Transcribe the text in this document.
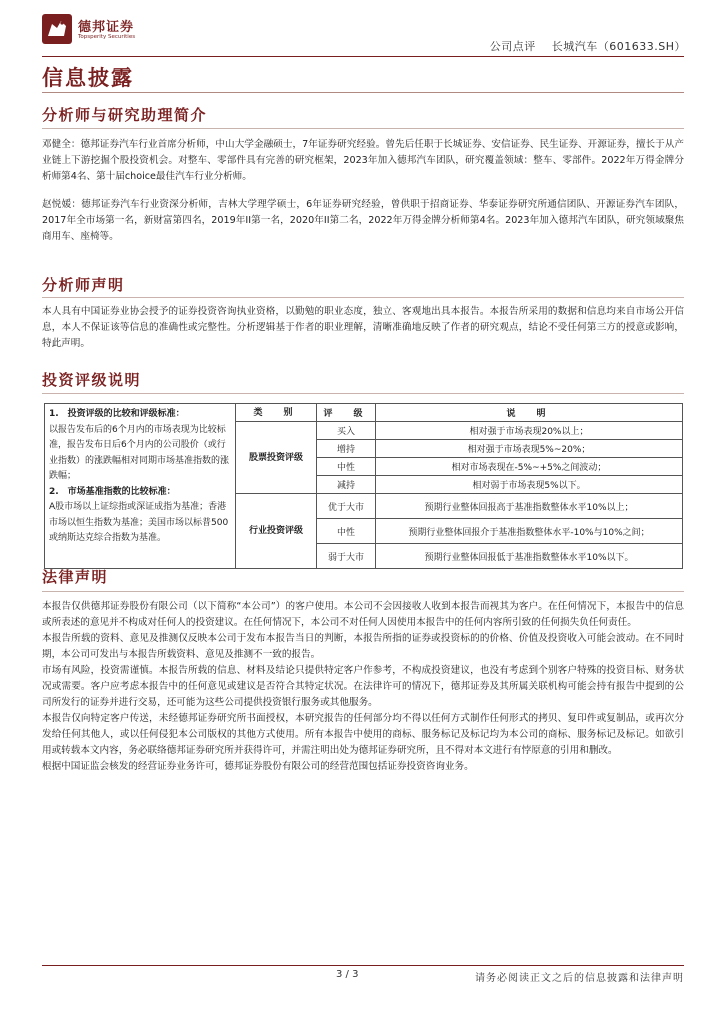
德邦证券
Topsperity Securities
公司点评 长城汽车（601633.SH）
信息披露
分析师与研究助理简介

邓健全：德邦证券汽车行业首席分析师，中山大学金融硕士，7年证券研究经验。曾先后任职于长城证券、安信证券、民生证券、开源证券，擅长于从产业链上下游挖掘个股投资机会。对整车、零部件具有完善的研究框架，2023年加入德邦汽车团队，研究覆盖领域：整车、零部件。2022年万得金牌分析师第4名、第十届choice最佳汽车行业分析师。

赵悦媛：德邦证券汽车行业资深分析师，吉林大学理学硕士，6年证券研究经验，曾供职于招商证券、华泰证券研究所通信团队、开源证券汽车团队，2017年全市场第一名，新财富第四名，2019年II第一名，2020年II第二名，2022年万得金牌分析师第4名。2023年加入德邦汽车团队，研究领域聚焦商用车、座椅等。

分析师声明

本人具有中国证券业协会授予的证券投资咨询执业资格，以勤勉的职业态度，独立、客观地出具本报告。本报告所采用的数据和信息均来自市场公开信息，本人不保证该等信息的准确性或完整性。分析逻辑基于作者的职业理解，清晰准确地反映了作者的研究观点，结论不受任何第三方的授意或影响，特此声明。

投资评级说明
1.　投资评级的比较和评级标准：
以报告发布后的6个月内的市场表现为比较标准，报告发布日后6个月内的公司股价（或行业指数）的涨跌幅相对同期市场基准指数的涨跌幅；
2.　市场基准指数的比较标准：
A股市场以上证综指或深证成指为基准；香港市场以恒生指数为基准；美国市场以标普500或纳斯达克综合指数为基准。	类　别	评　级	说　明
	股票投资评级	买入	相对强于市场表现20%以上；
		增持	相对强于市场表现5%~20%；
		中性	相对市场表现在-5%~+5%之间波动；
		减持	相对弱于市场表现5%以下。
	行业投资评级	优于大市	预期行业整体回报高于基准指数整体水平10%以上；
		中性	预期行业整体回报介于基准指数整体水平-10%与10%之间；
		弱于大市	预期行业整体回报低于基准指数整体水平10%以下。
法律声明

本报告仅供德邦证券股份有限公司（以下简称“本公司”）的客户使用。本公司不会因接收人收到本报告而视其为客户。在任何情况下，本报告中的信息或所表述的意见并不构成对任何人的投资建议。在任何情况下，本公司不对任何人因使用本报告中的任何内容所引致的任何损失负任何责任。

本报告所载的资料、意见及推测仅反映本公司于发布本报告当日的判断，本报告所指的证券或投资标的的价格、价值及投资收入可能会波动。在不同时期，本公司可发出与本报告所载资料、意见及推测不一致的报告。

市场有风险，投资需谨慎。本报告所载的信息、材料及结论只提供特定客户作参考，不构成投资建议，也没有考虑到个别客户特殊的投资目标、财务状况或需要。客户应考虑本报告中的任何意见或建议是否符合其特定状况。在法律许可的情况下，德邦证券及其所属关联机构可能会持有报告中提到的公司所发行的证券并进行交易，还可能为这些公司提供投资银行服务或其他服务。

本报告仅向特定客户传送，未经德邦证券研究所书面授权，本研究报告的任何部分均不得以任何方式制作任何形式的拷贝、复印件或复制品，或再次分发给任何其他人，或以任何侵犯本公司版权的其他方式使用。所有本报告中使用的商标、服务标记及标记均为本公司的商标、服务标记及标记。如欲引用或转载本文内容，务必联络德邦证券研究所并获得许可，并需注明出处为德邦证券研究所，且不得对本文进行有悖原意的引用和删改。

根据中国证监会核发的经营证券业务许可，德邦证券股份有限公司的经营范围包括证券投资咨询业务。

3 / 3	请务必阅读正文之后的信息披露和法律声明
